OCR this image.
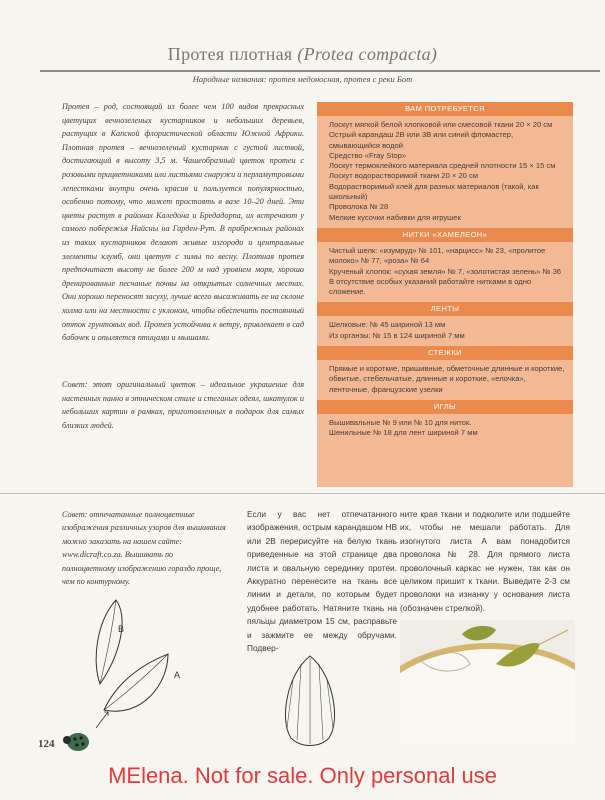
Протея плотная (Protea compacta)
Народные названия: протея медоносная, протея с реки Бот

Протея – род, состоящий из более чем 100 видов прекрасных цветущих вечнозеленых кустарников и небольших деревьев, растущих в Капской флористической области Южной Африки. Плотная протея – вечнозеленый кустарник с густой листвой, достигающий в высоту 3,5 м. Чашеобразный цветок протеи с розовыми прицветниками или листьями снаружи и перламутровыми лепестками внутри очень красив и пользуется популярностью, особенно потому, что может простоять в вазе 10–20 дней. Эти цветы растут в районах Каледона и Бредадорпа, их встречают у самого побережья Найсны на Гарден-Рут. В прибрежных районах из таких кустарников делают живые изгороди и центральные элементы клумб, они цветут с зимы по весну. Плотная протея предпочитает высоту не более 200 м над уровнем моря, хорошо дренированные песчаные почвы на открытых солнечных местах. Они хорошо переносят засуху, лучше всего высаживать ее на склоне холма или на местности с уклоном, чтобы обеспечить постоянный отток грунтовых вод. Протея устойчива к ветру, привлекает в сад бабочек и опыляется птицами и мышами.

Совет: этот оригинальный цветок – идеальное украшение для настенных панно в этническом стиле и стеганых одеял, шкатулок и небольших картин в рамках, приготовленных в подарок для самых близких людей.

ВАМ ПОТРЕБУЕТСЯ
Лоскут мягкой белой хлопковой или смесовой ткани 20 × 20 см
Острый карандаш 2B или 3B или синий фломастер, смывающийся водой
Средство «Fray Stop»
Лоскут термоклейкого материала средней плотности 15 × 15 см
Лоскут водорастворимой ткани 20 × 20 см
Водорастворимый клей для разных материалов (такой, как школьный)
Проволока № 28
Мелкие кусочки набивки для игрушек
НИТКИ «ХАМЕЛЕОН»
Чистый шелк: «изумруд» № 101, «нарцисс» № 23, «пролитое молоко» № 77, «роза» № 64
Крученый хлопок: «сухая земля» № 7, «золотистая зелень» № 36
В отсутствие особых указаний работайте нитками в одно сложение.
ЛЕНТЫ
Шелковые: № 45 шириной 13 мм
Из органзы: № 15 в 124 шириной 7 мм
СТЕЖКИ
Прямые и короткие, пришивные, обметочные длинные и короткие, обвитые, стебельчатые, длинные и короткие, «елочка», ленточные, французские узелки
ИГЛЫ
Вышивальные № 9 или № 10 для ниток.
Шенильные № 18 для лент шириной 7 мм

Совет: отпечатанные полноцветные изображения различных узоров для вышивания можно заказать на нашем сайте: www.dicraft.co.za. Вышивать по полноцветному изображению гораздо проще, чем по контурному.

Если у вас нет отпечатанного изображения, острым карандашом HB или 2B перерисуйте на белую ткань приведенные на этой странице два листа и овальную серединку протеи. Аккуратно перенесите на ткань все линии и детали, по которым будет удобнее работать. Натяните ткань на пяльцы диаметром 15 см, расправьте и зажмите ее между обручами. Подвер-

ните края ткани и подколите или подшейте их, чтобы не мешали работать. Для изогнутого листа А вам понадобится проволока № 28. Для прямого листа проволочный каркас не нужен, так как он целиком пришит к ткани. Выведите 2-3 см проволоки на изнанку у основания листа (обозначен стрелкой).

B
A
124
MElena. Not for sale. Only personal use
